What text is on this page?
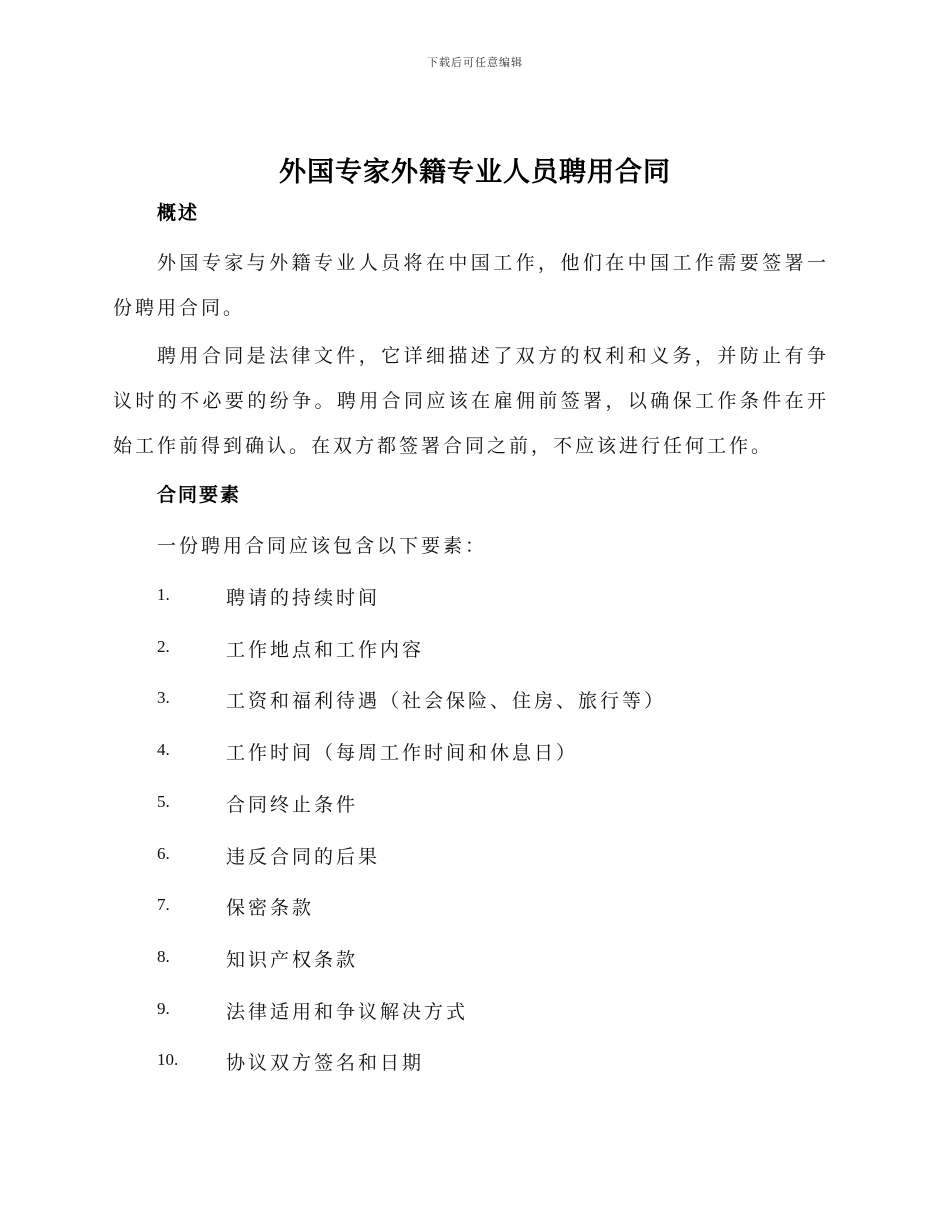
下载后可任意编辑
外国专家外籍专业人员聘用合同
概述

外国专家与外籍专业人员将在中国工作，他们在中国工作需要签署一份聘用合同。

聘用合同是法律文件，它详细描述了双方的权利和义务，并防止有争议时的不必要的纷争。聘用合同应该在雇佣前签署，以确保工作条件在开始工作前得到确认。在双方都签署合同之前，不应该进行任何工作。

合同要素
一份聘用合同应该包含以下要素：
1.	聘请的持续时间
2.	工作地点和工作内容
3.	工资和福利待遇（社会保险、住房、旅行等）
4.	工作时间（每周工作时间和休息日）
5.	合同终止条件
6.	违反合同的后果
7.	保密条款
8.	知识产权条款
9.	法律适用和争议解决方式
10.	协议双方签名和日期
